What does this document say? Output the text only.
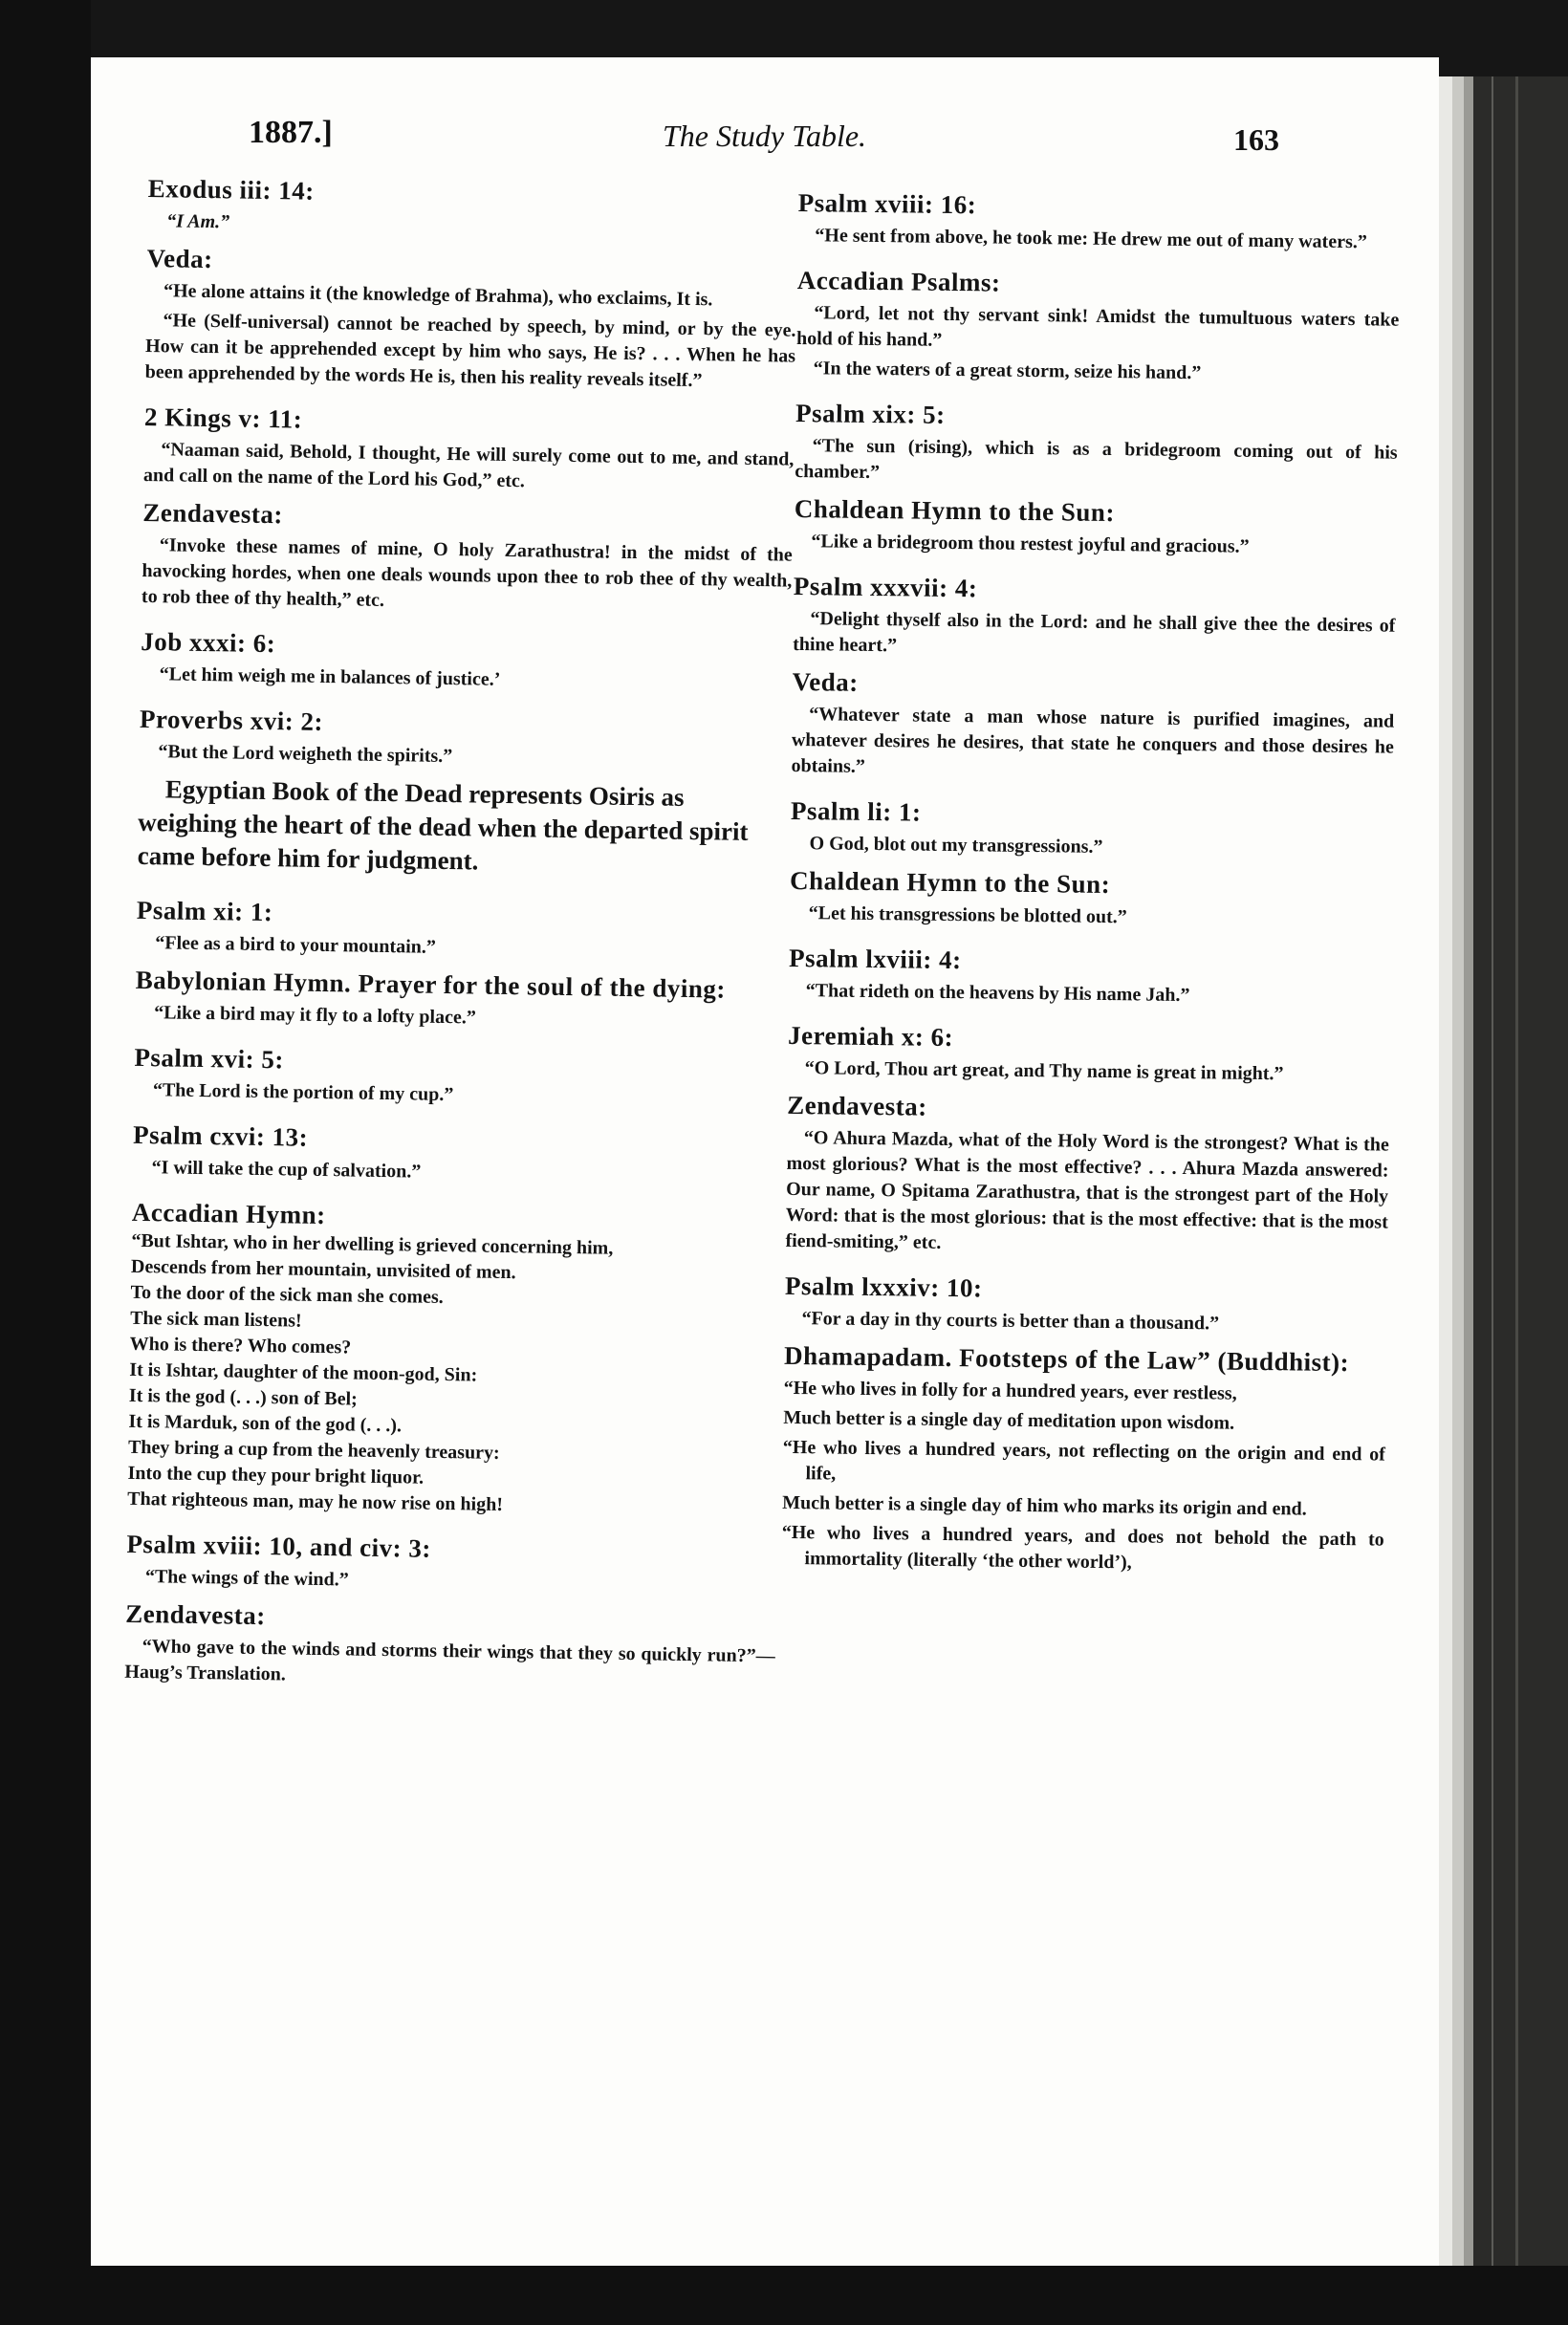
1887.]	The Study Table.	163

Exodus iii: 14:

“I Am.”

Veda:

“He alone attains it (the knowledge of Brahma), who exclaims, It is.

“He (Self-universal) cannot be reached by speech, by mind, or by the eye. How can it be apprehended except by him who says, He is? . . . When he has been apprehended by the words He is, then his reality reveals itself.”

2 Kings v: 11:

“Naaman said, Behold, I thought, He will surely come out to me, and stand, and call on the name of the Lord his God,” etc.

Zendavesta:

“Invoke these names of mine, O holy Zarathustra! in the midst of the havocking hordes, when one deals wounds upon thee to rob thee of thy wealth, to rob thee of thy health,” etc.

Job xxxi: 6:

“Let him weigh me in balances of justice.’

Proverbs xvi: 2:

“But the Lord weigheth the spirits.”

Egyptian Book of the Dead represents Osiris as weighing the heart of the dead when the departed spirit came before him for judgment.

Psalm xi: 1:

“Flee as a bird to your mountain.”

Babylonian Hymn. Prayer for the soul of the dying:

“Like a bird may it fly to a lofty place.”

Psalm xvi: 5:

“The Lord is the portion of my cup.”

Psalm cxvi: 13:

“I will take the cup of salvation.”

Accadian Hymn:

“But Ishtar, who in her dwelling is grieved concerning him,

Descends from her mountain, unvisited of men.

To the door of the sick man she comes.

The sick man listens!

Who is there? Who comes?

It is Ishtar, daughter of the moon-god, Sin:

It is the god (. . .) son of Bel;

It is Marduk, son of the god (. . .).

They bring a cup from the heavenly treasury:

Into the cup they pour bright liquor.

That righteous man, may he now rise on high!

Psalm xviii: 10, and civ: 3:

“The wings of the wind.”

Zendavesta:

“Who gave to the winds and storms their wings that they so quickly run?”—Haug’s Translation.

Psalm xviii: 16:

“He sent from above, he took me: He drew me out of many waters.”

Accadian Psalms:

“Lord, let not thy servant sink! Amidst the tumultuous waters take hold of his hand.”

“In the waters of a great storm, seize his hand.”

Psalm xix: 5:

“The sun (rising), which is as a bridegroom coming out of his chamber.”

Chaldean Hymn to the Sun:

“Like a bridegroom thou restest joyful and gracious.”

Psalm xxxvii: 4:

“Delight thyself also in the Lord: and he shall give thee the desires of thine heart.”

Veda:

“Whatever state a man whose nature is purified imagines, and whatever desires he desires, that state he conquers and those desires he obtains.”

Psalm li: 1:

O God, blot out my transgressions.”

Chaldean Hymn to the Sun:

“Let his transgressions be blotted out.”

Psalm lxviii: 4:

“That rideth on the heavens by His name Jah.”

Jeremiah x: 6:

“O Lord, Thou art great, and Thy name is great in might.”

Zendavesta:

“O Ahura Mazda, what of the Holy Word is the strongest? What is the most glorious? What is the most effective? . . . Ahura Mazda answered: Our name, O Spitama Zarathustra, that is the strongest part of the Holy Word: that is the most glorious: that is the most effective: that is the most fiend-smiting,” etc.

Psalm lxxxiv: 10:

“For a day in thy courts is better than a thousand.”

Dhamapadam. Footsteps of the Law” (Buddhist):

“He who lives in folly for a hundred years, ever restless,

Much better is a single day of meditation upon wisdom.

“He who lives a hundred years, not reflecting on the origin and end of life,

Much better is a single day of him who marks its origin and end.

“He who lives a hundred years, and does not behold the path to immortality (literally ‘the other world’),
